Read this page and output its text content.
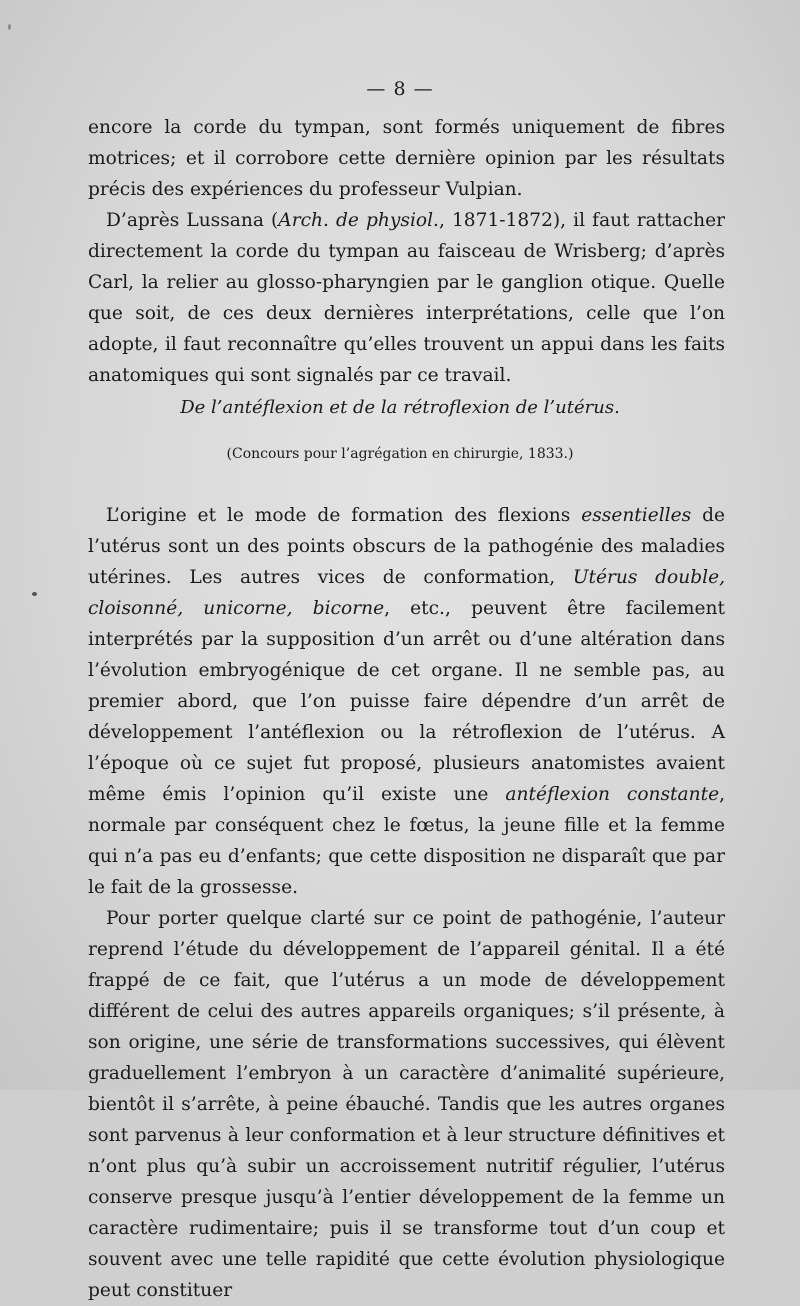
— 8 —

encore la corde du tympan, sont formés uniquement de fibres motrices; et il corrobore cette dernière opinion par les résultats précis des expériences du professeur Vulpian.

D’après Lussana (Arch. de physiol., 1871-1872), il faut rattacher directement la corde du tympan au faisceau de Wrisberg; d’après Carl, la relier au glosso-pharyngien par le ganglion otique. Quelle que soit, de ces deux dernières interprétations, celle que l’on adopte, il faut reconnaître qu’elles trouvent un appui dans les faits anatomiques qui sont signalés par ce travail.

De l’antéflexion et de la rétroflexion de l’utérus.
(Concours pour l’agrégation en chirurgie, 1833.)

L’origine et le mode de formation des flexions essentielles de l’utérus sont un des points obscurs de la pathogénie des maladies utérines. Les autres vices de conformation, Utérus double, cloisonné, unicorne, bicorne, etc., peuvent être facilement interprétés par la supposition d’un arrêt ou d’une altération dans l’évolution embryogénique de cet organe. Il ne semble pas, au premier abord, que l’on puisse faire dépendre d’un arrêt de développement l’antéflexion ou la rétroflexion de l’utérus. A l’époque où ce sujet fut proposé, plusieurs anatomistes avaient même émis l’opinion qu’il existe une antéflexion constante, normale par conséquent chez le fœtus, la jeune fille et la femme qui n’a pas eu d’enfants; que cette disposition ne disparaît que par le fait de la grossesse.

Pour porter quelque clarté sur ce point de pathogénie, l’auteur reprend l’étude du développement de l’appareil génital. Il a été frappé de ce fait, que l’utérus a un mode de développement différent de celui des autres appareils organiques; s’il présente, à son origine, une série de transformations successives, qui élèvent graduellement l’embryon à un caractère d’animalité supérieure, bientôt il s’arrête, à peine ébauché. Tandis que les autres organes sont parvenus à leur conformation et à leur structure définitives et n’ont plus qu’à subir un accroissement nutritif régulier, l’utérus conserve presque jusqu’à l’entier développement de la femme un caractère rudimentaire; puis il se transforme tout d’un coup et souvent avec une telle rapidité que cette évolution physiologique peut constituer
